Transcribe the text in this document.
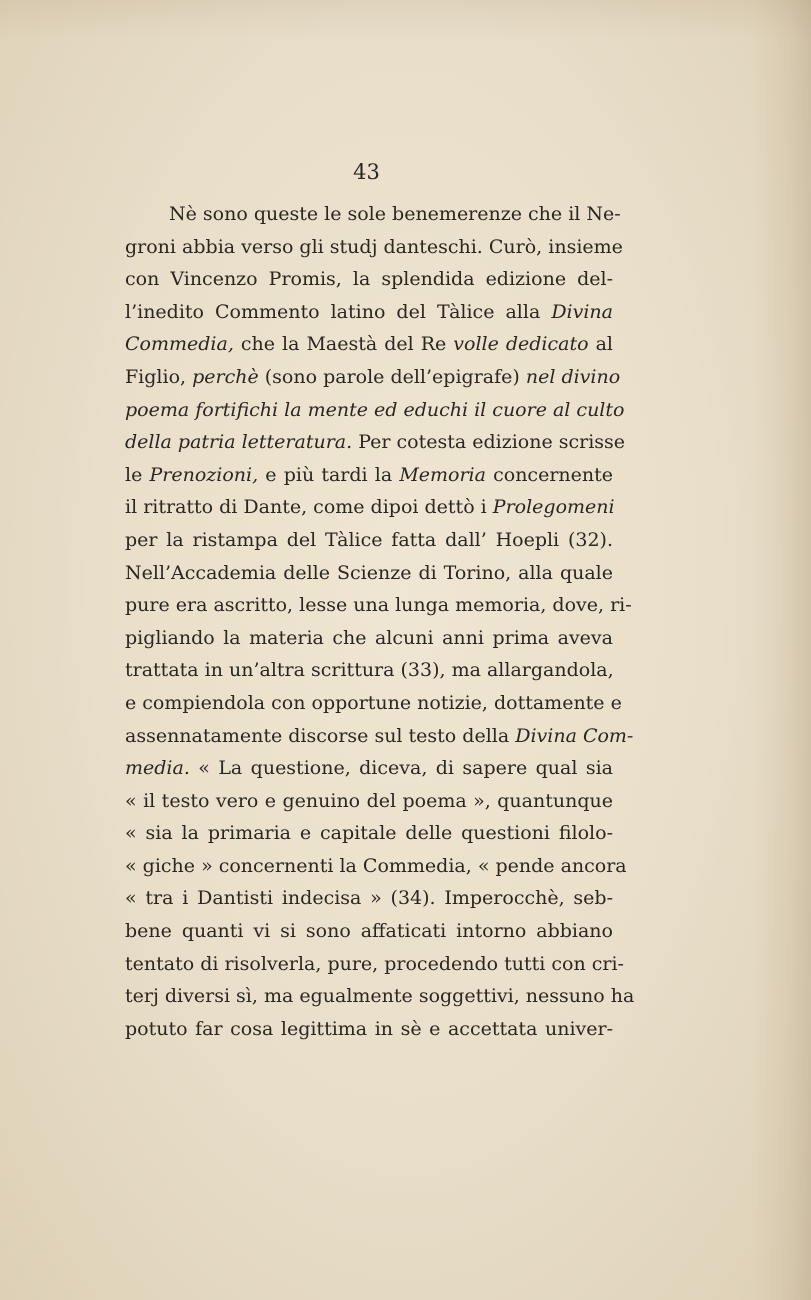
43
Nè sono queste le sole benemerenze che il Ne-
groni abbia verso gli studj danteschi. Curò, insieme
con Vincenzo Promis, la splendida edizione del-
l’inedito Commento latino del Tàlice alla Divina
Commedia, che la Maestà del Re volle dedicato al
Figlio, perchè (sono parole dell’epigrafe) nel divino
poema fortifichi la mente ed educhi il cuore al culto
della patria letteratura. Per cotesta edizione scrisse
le Prenozioni, e più tardi la Memoria concernente
il ritratto di Dante, come dipoi dettò i Prolegomeni
per la ristampa del Tàlice fatta dall’ Hoepli (32).
Nell’Accademia delle Scienze di Torino, alla quale
pure era ascritto, lesse una lunga memoria, dove, ri-
pigliando la materia che alcuni anni prima aveva
trattata in un’altra scrittura (33), ma allargandola,
e compiendola con opportune notizie, dottamente e
assennatamente discorse sul testo della Divina Com-
media. « La questione, diceva, di sapere qual sia
« il testo vero e genuino del poema », quantunque
« sia la primaria e capitale delle questioni filolo-
« giche » concernenti la Commedia, « pende ancora
« tra i Dantisti indecisa » (34). Imperocchè, seb-
bene quanti vi si sono affaticati intorno abbiano
tentato di risolverla, pure, procedendo tutti con cri-
terj diversi sì, ma egualmente soggettivi, nessuno ha
potuto far cosa legittima in sè e accettata univer-
